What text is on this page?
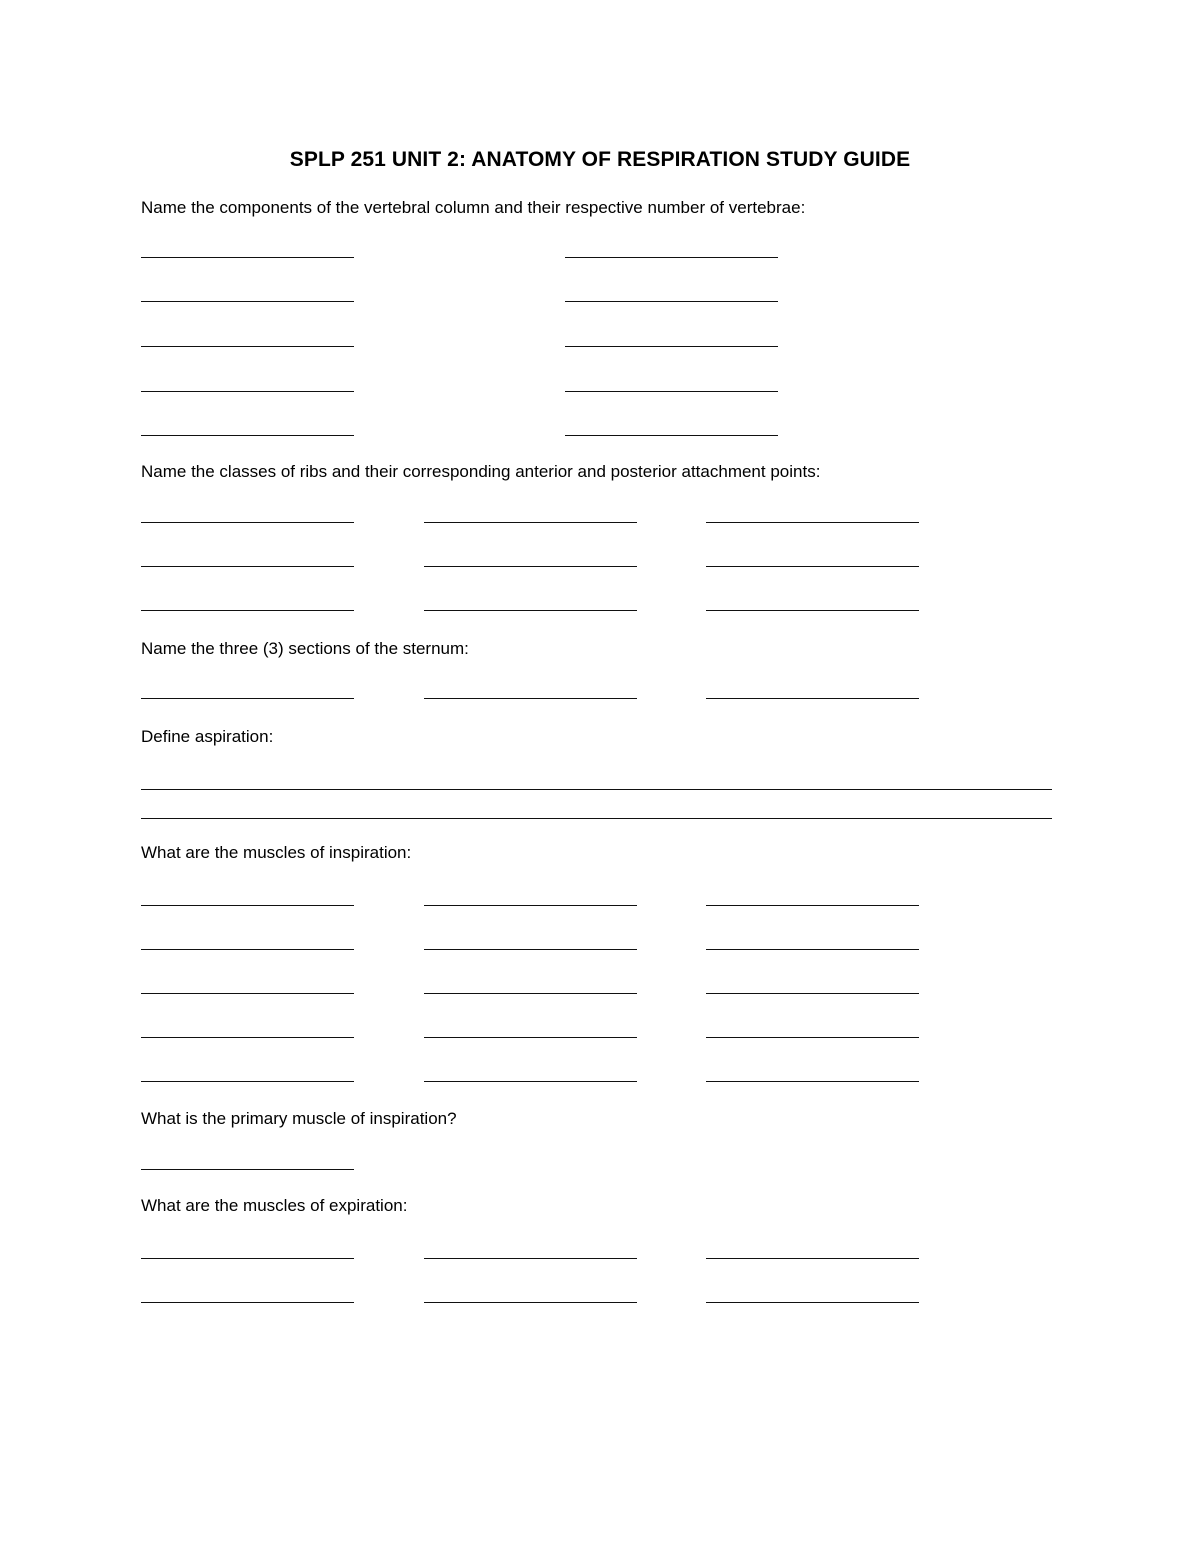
SPLP 251 UNIT 2: ANATOMY OF RESPIRATION STUDY GUIDE
Name the components of the vertebral column and their respective number of vertebrae:
Name the classes of ribs and their corresponding anterior and posterior attachment points:
Name the three (3) sections of the sternum:
Define aspiration:
What are the muscles of inspiration:
What is the primary muscle of inspiration?
What are the muscles of expiration:
